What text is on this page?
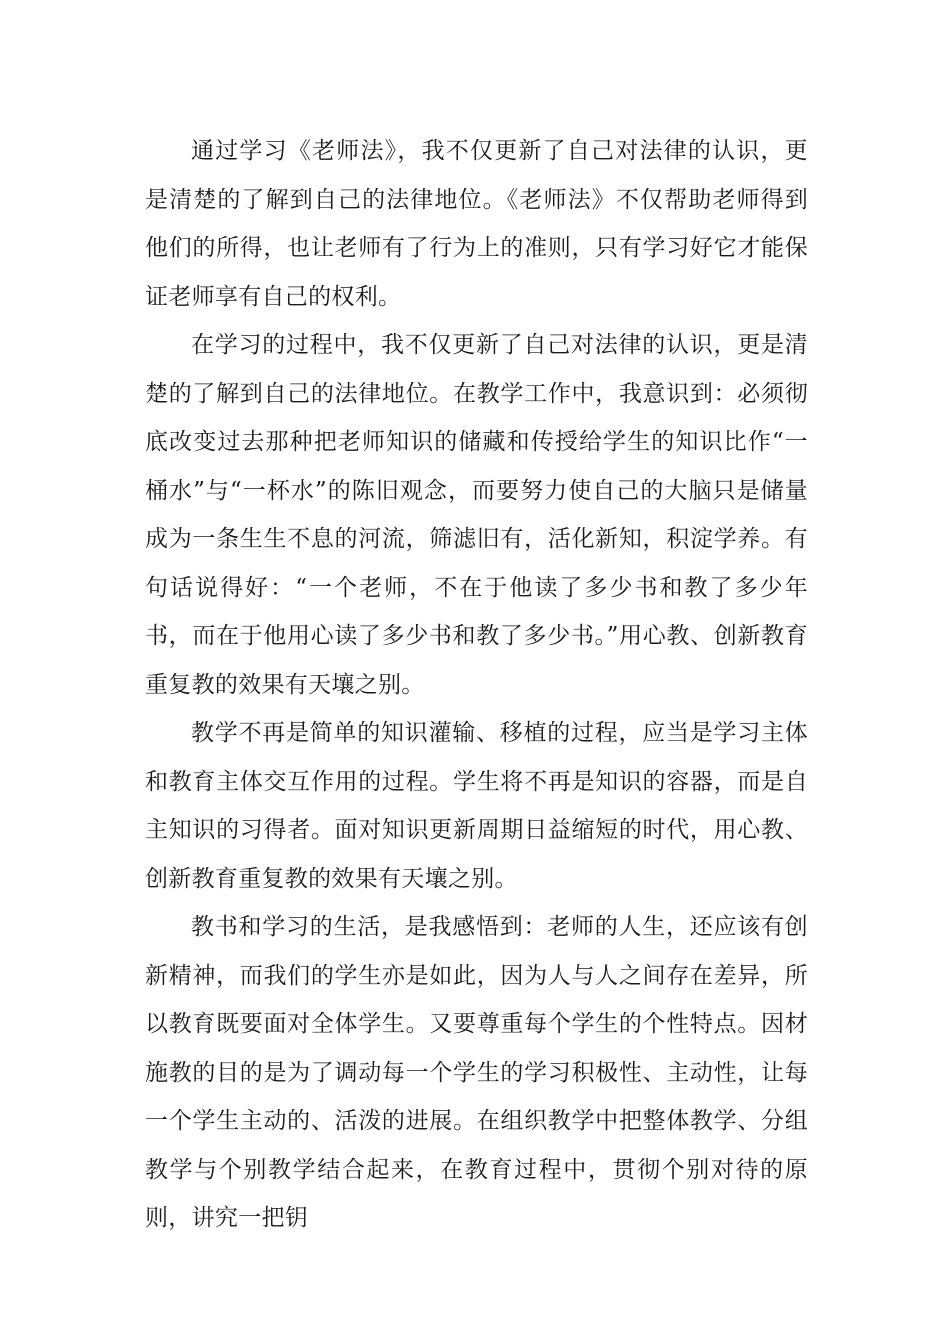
通过学习《老师法》，我不仅更新了自己对法律的认识，更是清楚的了解到自己的法律地位。《老师法》不仅帮助老师得到他们的所得，也让老师有了行为上的准则，只有学习好它才能保证老师享有自己的权利。

在学习的过程中，我不仅更新了自己对法律的认识，更是清楚的了解到自己的法律地位。在教学工作中，我意识到：必须彻底改变过去那种把老师知识的储藏和传授给学生的知识比作“一桶水”与“一杯水”的陈旧观念，而要努力使自己的大脑只是储量成为一条生生不息的河流，筛滤旧有，活化新知，积淀学养。有句话说得好：“一个老师，不在于他读了多少书和教了多少年书，而在于他用心读了多少书和教了多少书。”用心教、创新教育重复教的效果有天壤之别。

教学不再是简单的知识灌输、移植的过程，应当是学习主体和教育主体交互作用的过程。学生将不再是知识的容器，而是自主知识的习得者。面对知识更新周期日益缩短的时代，用心教、创新教育重复教的效果有天壤之别。

教书和学习的生活，是我感悟到：老师的人生，还应该有创新精神，而我们的学生亦是如此，因为人与人之间存在差异，所以教育既要面对全体学生。又要尊重每个学生的个性特点。因材施教的目的是为了调动每一个学生的学习积极性、主动性，让每一个学生主动的、活泼的进展。在组织教学中把整体教学、分组教学与个别教学结合起来，在教育过程中，贯彻个别对待的原则，讲究一把钥
